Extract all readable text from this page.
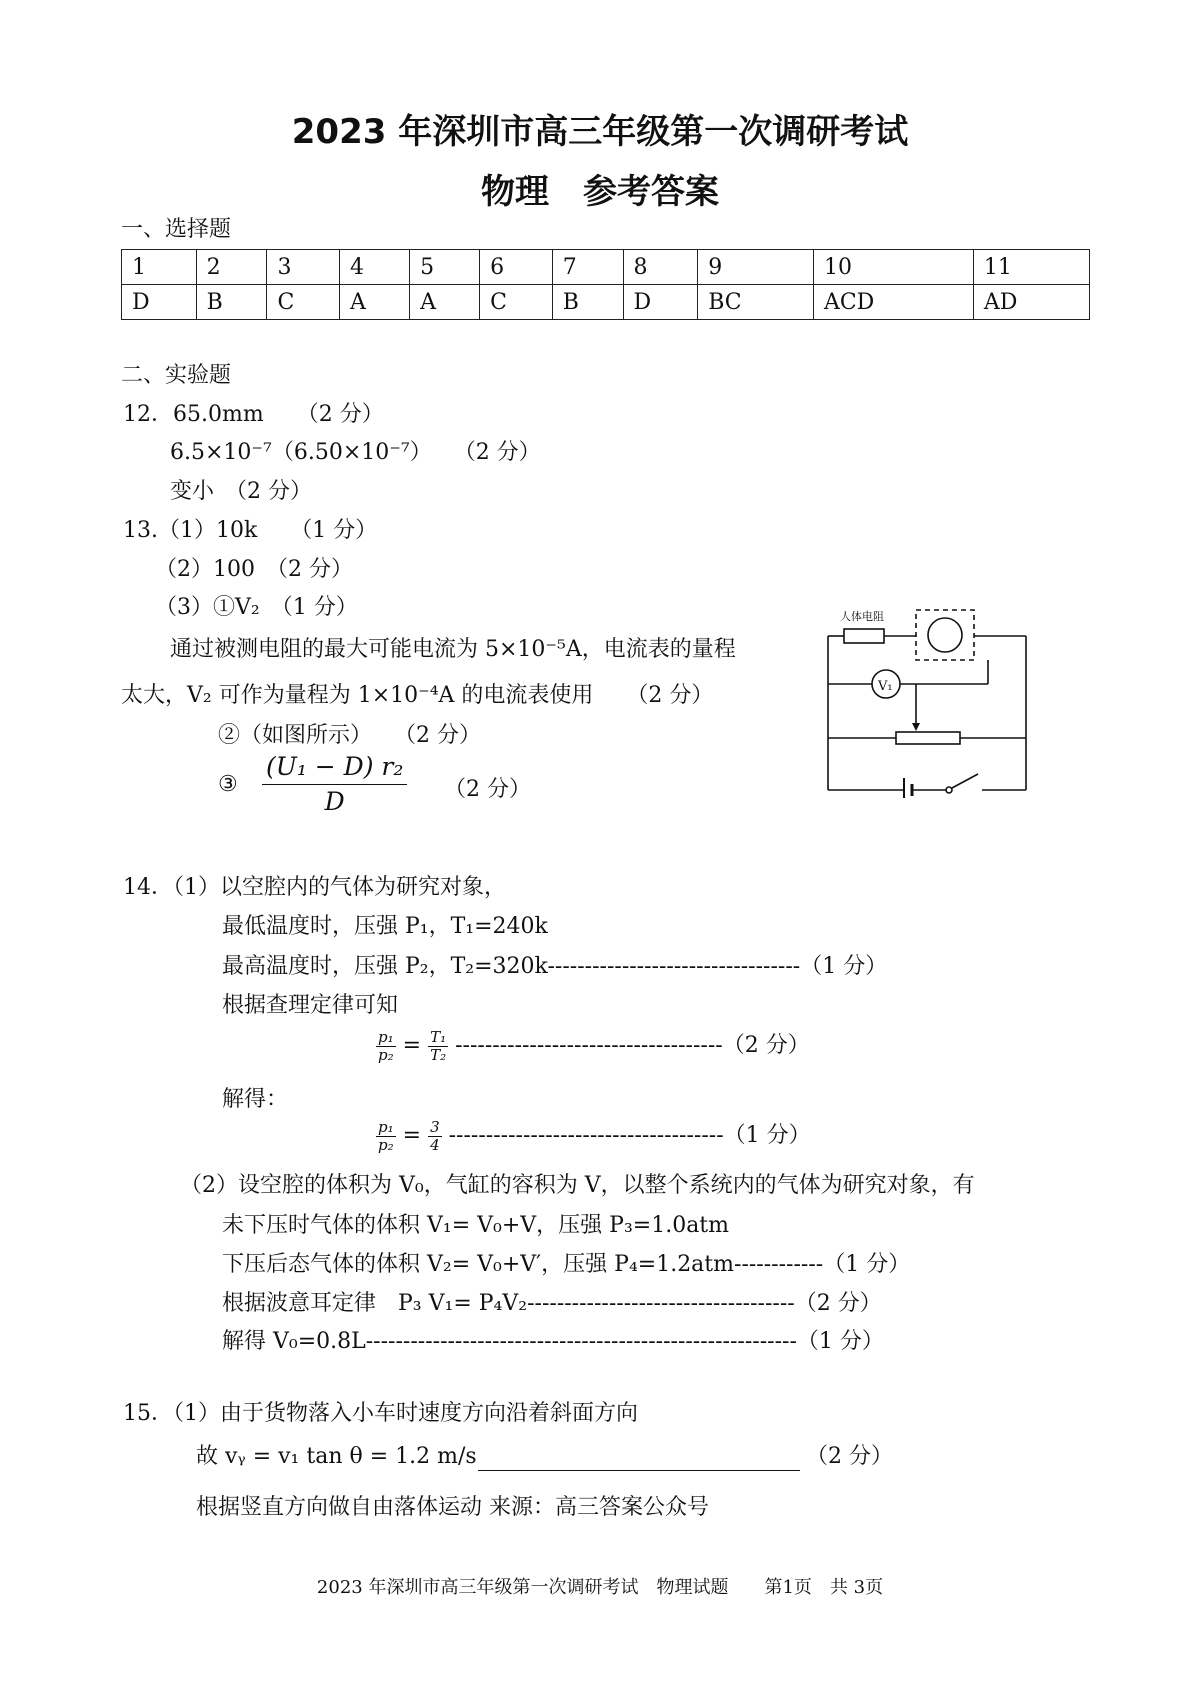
2023 年深圳市高三年级第一次调研考试
物理　参考答案
一、选择题
1	2	3	4	5	6	7	8	9	10	11
D	B	C	A	A	C	B	D	BC	ACD	AD
二、实验题
12．65.0mm　　（2 分）
6.5×10⁻⁷（6.50×10⁻⁷）　　（2 分）
变小　（2 分）
13.（1）10k　　（1 分）
（2）100　（2 分）
（3）①V₂　（1 分）
通过被测电阻的最大可能电流为 5×10⁻⁵A，电流表的量程
太大，V₂ 可作为量程为 1×10⁻⁴A 的电流表使用　　（2 分）
②（如图所示）　　（2 分）
③ $\frac{\text{(U₁ − D) r₂}}{D} (2$ 分）
人体电阻
V₁
14．（1）以空腔内的气体为研究对象，
最低温度时，压强 P₁，T₁=240k
最高温度时，压强 P₂，T₂=320k----------------------------------（1 分）
根据查理定律可知
$\frac{\text{p₁}}{\text{p₂}} = \frac{\text{T₁}}{\text{T₂}} ------------------------------------(2$ 分）
解得：
$\frac{\text{p₁}}{\text{p₂}} = \frac{3}{4} -------------------------------------(1$ 分）
（2）设空腔的体积为 V₀，气缸的容积为 V，以整个系统内的气体为研究对象，有
未下压时气体的体积 V₁= V₀+V，压强 P₃=1.0atm
下压后态气体的体积 V₂= V₀+V′，压强 P₄=1.2atm------------（1 分）
根据波意耳定律　P₃ V₁= P₄V₂------------------------------------（2 分）
解得 V₀=0.8L----------------------------------------------------------（1 分）
15．（1）由于货物落入小车时速度方向沿着斜面方向
故 vᵧ = v₁ tan θ = 1.2 m/s	（2 分）
根据竖直方向做自由落体运动 来源：高三答案公众号
2023 年深圳市高三年级第一次调研考试　物理试题　　第1页　共 3页
